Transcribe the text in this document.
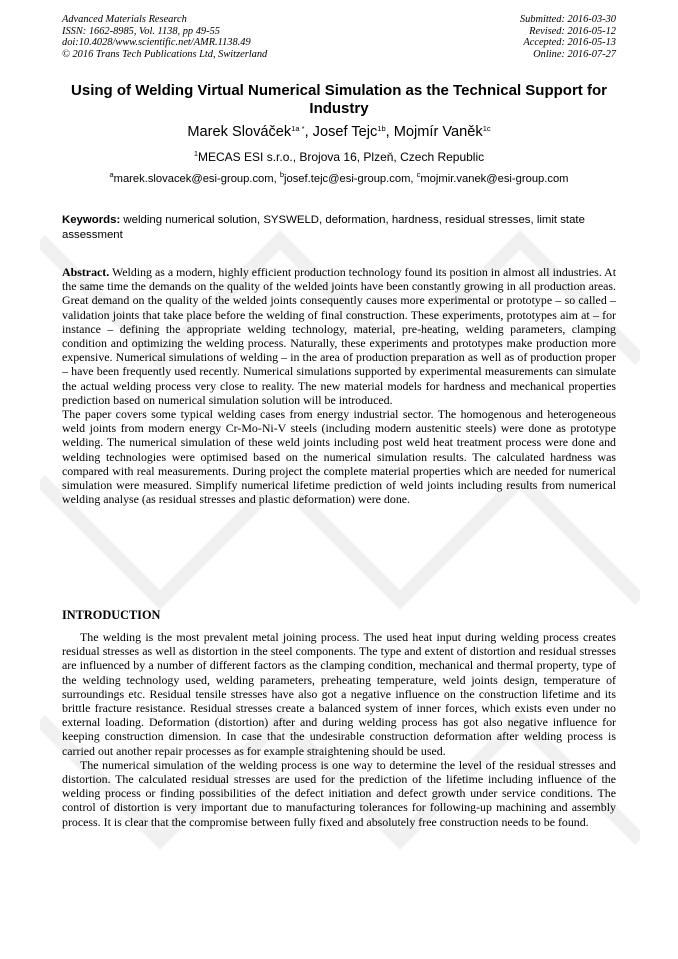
Advanced Materials Research
ISSN: 1662-8985, Vol. 1138, pp 49-55
doi:10.4028/www.scientific.net/AMR.1138.49
© 2016 Trans Tech Publications Ltd, Switzerland
Submitted: 2016-03-30
Revised: 2016-05-12
Accepted: 2016-05-13
Online: 2016-07-27
Using of Welding Virtual Numerical Simulation as the Technical Support for Industry
Marek Slováček$^{1a *}$, Josef Tejc$^{1b}$, Mojmír Vaněk$^{1c}$
$^1$MECAS ESI s.r.o., Brojova 16, Plzeň, Czech Republic
$^a$marek.slovacek@esi-group.com, $^b$josef.tejc@esi-group.com, $^c$mojmir.vanek@esi-group.com
Keywords: welding numerical solution, SYSWELD, deformation, hardness, residual stresses, limit state assessment

Abstract. Welding as a modern, highly efficient production technology found its position in almost all industries. At the same time the demands on the quality of the welded joints have been constantly growing in all production areas. Great demand on the quality of the welded joints consequently causes more experimental or prototype – so called – validation joints that take place before the welding of final construction. These experiments, prototypes aim at – for instance – defining the appropriate welding technology, material, pre-heating, welding parameters, clamping condition and optimizing the welding process. Naturally, these experiments and prototypes make production more expensive. Numerical simulations of welding – in the area of production preparation as well as of production proper – have been frequently used recently. Numerical simulations supported by experimental measurements can simulate the actual welding process very close to reality. The new material models for hardness and mechanical properties prediction based on numerical simulation solution will be introduced.

The paper covers some typical welding cases from energy industrial sector. The homogenous and heterogeneous weld joints from modern energy Cr-Mo-Ni-V steels (including modern austenitic steels) were done as prototype welding. The numerical simulation of these weld joints including post weld heat treatment process were done and welding technologies were optimised based on the numerical simulation results. The calculated hardness was compared with real measurements. During project the complete material properties which are needed for numerical simulation were measured. Simplify numerical lifetime prediction of weld joints including results from numerical welding analyse (as residual stresses and plastic deformation) were done.

INTRODUCTION

The welding is the most prevalent metal joining process. The used heat input during welding process creates residual stresses as well as distortion in the steel components. The type and extent of distortion and residual stresses are influenced by a number of different factors as the clamping condition, mechanical and thermal property, type of the welding technology used, welding parameters, preheating temperature, weld joints design, temperature of surroundings etc. Residual tensile stresses have also got a negative influence on the construction lifetime and its brittle fracture resistance. Residual stresses create a balanced system of inner forces, which exists even under no external loading. Deformation (distortion) after and during welding process has got also negative influence for keeping construction dimension. In case that the undesirable construction deformation after welding process is carried out another repair processes as for example straightening should be used.

The numerical simulation of the welding process is one way to determine the level of the residual stresses and distortion. The calculated residual stresses are used for the prediction of the lifetime including influence of the welding process or finding possibilities of the defect initiation and defect growth under service conditions. The control of distortion is very important due to manufacturing tolerances for following-up machining and assembly process. It is clear that the compromise between fully fixed and absolutely free construction needs to be found.
